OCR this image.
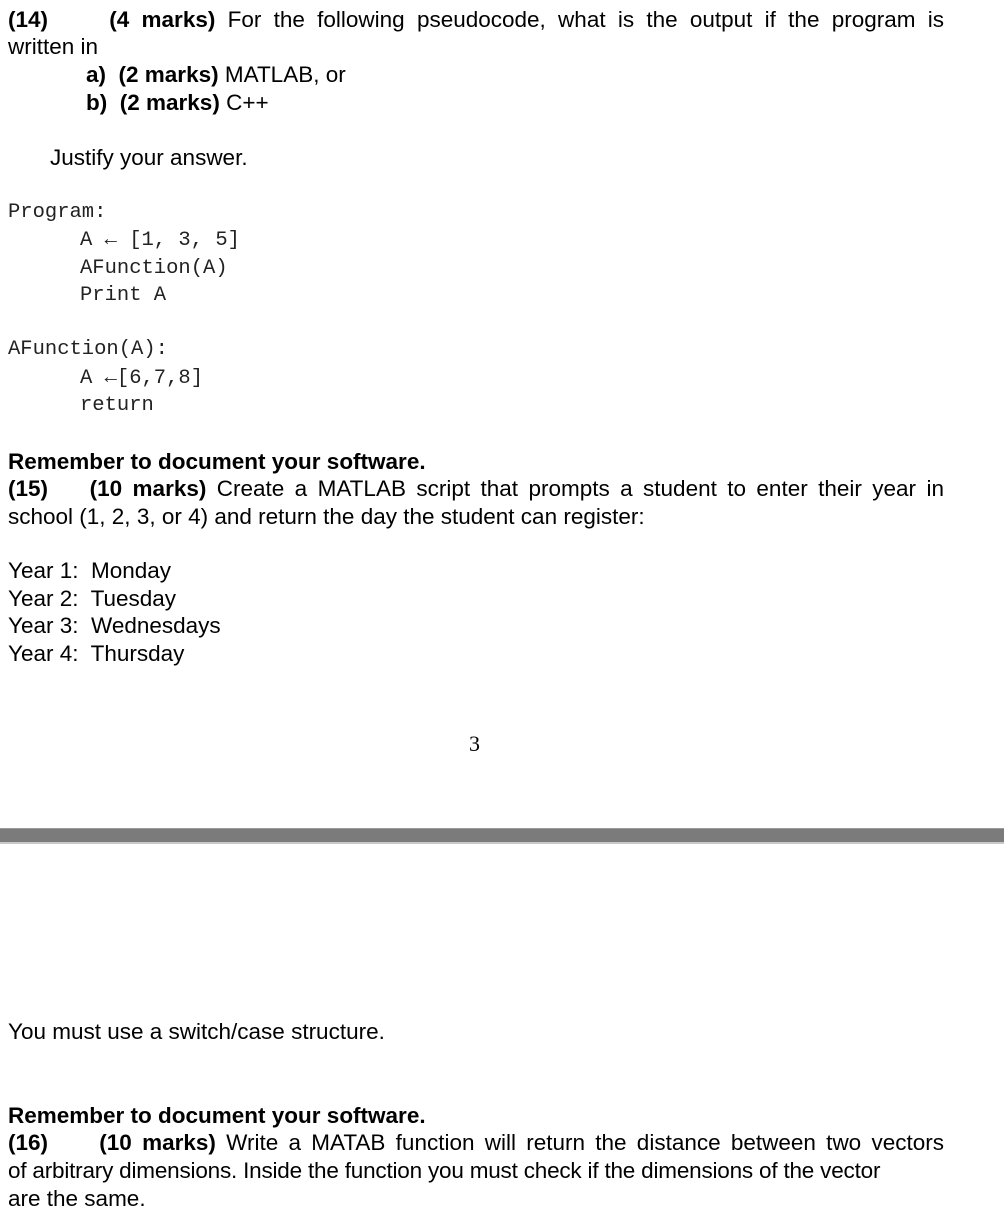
(14)	(4 marks) For the following pseudocode, what is the output if the program is
written in
a) (2 marks) MATLAB, or
b) (2 marks) C++
Justify your answer.
Program:
A ← [1, 3, 5]
AFunction(A)
Print A
AFunction(A):
A ←[6,7,8]
return
Remember to document your software.
(15) (10 marks) Create a MATLAB script that prompts a student to enter their year in
school (1, 2, 3, or 4) and return the day the student can register:
Year 1: Monday
Year 2: Tuesday
Year 3: Wednesdays
Year 4: Thursday
3
You must use a switch/case structure.
Remember to document your software.
(16) (10 marks) Write a MATAB function will return the distance between two vectors
of arbitrary dimensions. Inside the function you must check if the dimensions of the vector
are the same.
